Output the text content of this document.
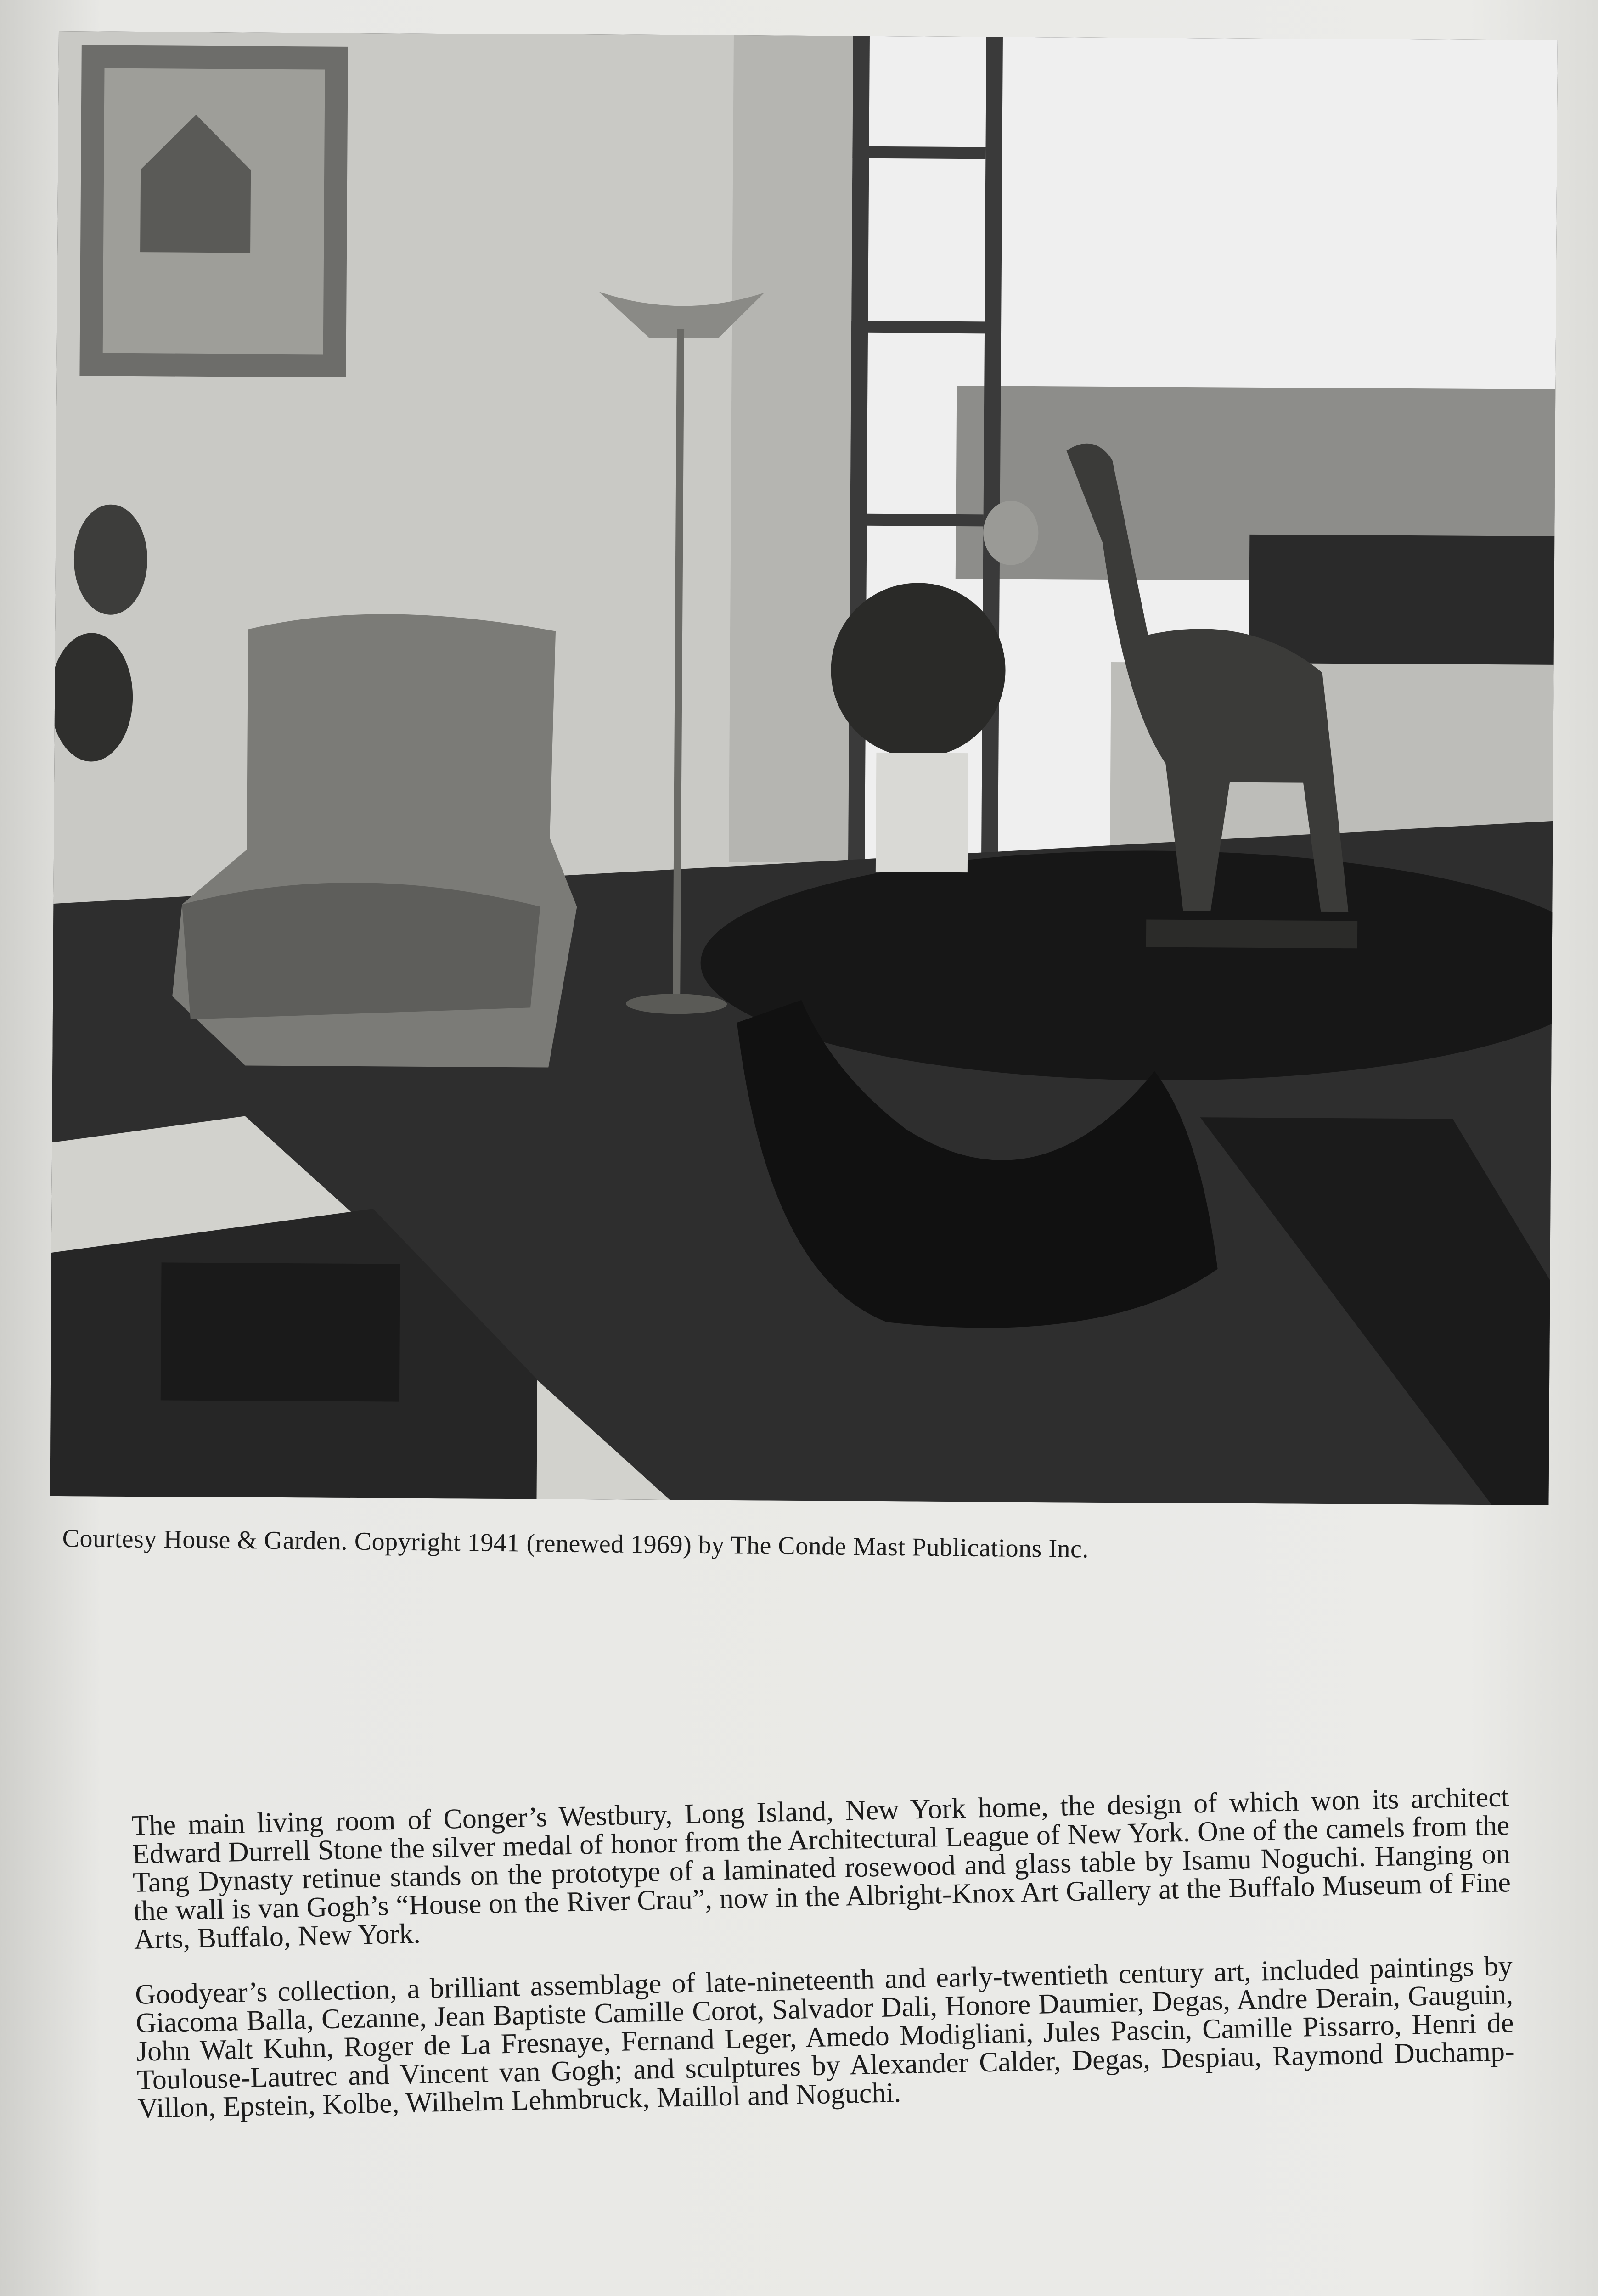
Courtesy House & Garden. Copyright 1941 (renewed 1969) by The Conde Mast Publications Inc.

The main living room of Conger’s Westbury, Long Island, New York home, the design of which won its architect Edward Durrell Stone the silver medal of honor from the Architectural League of New York. One of the camels from the Tang Dynasty retinue stands on the prototype of a laminated rosewood and glass table by Isamu Noguchi. Hanging on the wall is van Gogh’s “House on the River Crau”, now in the Albright-Knox Art Gallery at the Buffalo Museum of Fine Arts, Buffalo, New York.

Goodyear’s collection, a brilliant assemblage of late-nineteenth and early-twentieth century art, included paintings by Giacoma Balla, Cezanne, Jean Baptiste Camille Corot, Salvador Dali, Honore Daumier, Degas, Andre Derain, Gauguin, John Walt Kuhn, Roger de La Fresnaye, Fernand Leger, Amedo Modigliani, Jules Pascin, Camille Pissarro, Henri de Toulouse-Lautrec and Vincent van Gogh; and sculptures by Alexander Calder, Degas, Despiau, Raymond Duchamp-Villon, Epstein, Kolbe, Wilhelm Lehmbruck, Maillol and Noguchi.
